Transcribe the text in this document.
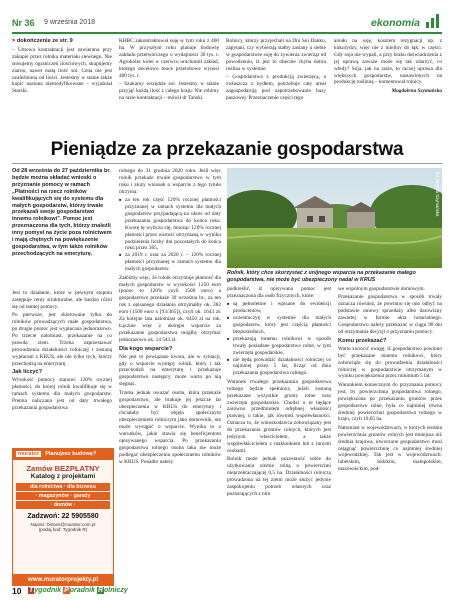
Nr 36 9 września 2018	ekonomia
> dokończenie ze str. 9

– Umowa kontraktacji jest zawierana przy zakupie przez rolnika materiału siewnego. Nie stosujemy ograniczeń ilościowych, skupujemy ziarno, nawet małą ilość soi. Cena nie jest uzależniona od ilości. Jesteśmy w stanie także kupić nasiona niemodyfikowane – wyjaśniał Starski.

KHBC zakontraktował soję w tym roku z 400 ha. W przyszłym roku planuje hodowlę zakładu przetwórczego o wydajności 30 tys. t. Agrokolec kolei w czerwcu uruchomił zakład, którego docelowo moce przerobowe wynosi 400 tys. t.

– Szukamy wszędzie soi. Jesteśmy w stanie przyjąć każdą ilość z całego kraju. Nie robimy na razie kontraktacji – mówił dr Tański.

Rolnicy, którzy przyjechali na Dni Soi Danko, zapytani, czy wybierają stałby zasiany u siebie w gospodarstwie soję do żywienia zwierząt od powodzeniu, iż jest to obecnie chyba dobra roślina w systemie.

– Gospodarstwa z produkcją zwierzęcą, a zwłaszcza z bydłem, potrzebuje cały areał zagospodarują pod zapotrzebowanie bazy paszowej. Przeznaczenie części tego

areału na soję, kosztem rezygnacji np. z kukurydzy, więc nie z mieliny do łąk, w części. Gdy soja nie wypali, a przy braku doświadczenia z jej uprawą zawsze może się tak zdarzyć, co wtedy? Soja, jak na razie, to raczej uprawa dla większych gospodarstw, nastawionych na produkcję roślinną – komentował rolnicy.

Magdalena Szymańska
Pieniądze za przekazanie gospodarstwa

Od 28 września do 27 października br. będzie można składać wnioski o przyznanie pomocy w ramach „Płatności na rzecz rolników kwalifikujących się do systemu dla małych gospodarstw, którzy trwale przekazali swoje gospodarstwo innemu rolnikowi”. Pomoc jest przeznaczona dla tych, którzy znaleźli inny pomysł na życie poza rolnictwem i mają chętnych na powiększenie gospodarstwa, w tym także rolników przechodzących na emeryturę.

Jest to działanie, które w pewnym stopniu zastępuje renty strukturalne, ale bardzo różni się od tamtej pomocy.

Po pierwsze, jest skierowane tylko do rolników prowadzących małe gospodarstwa, po drugie pomoc jest wypłacana jednorazowo. Po trzecie natomiast, przekazanie na co prawda ziem. Trzeba zaprzestawać prowadzenia działalności rolniczej i zostaną wypłacani z KRUS, ale nie tylko tych, którzy przechodzą na emeryturę.

Jak liczyć?

Wysokość pomocy stanowi 120% rocznej płatności, do której rolnik kwalifikuje się w ramach systemu dla małych gospodarstw. Premia naliczana jest od daty trwałego przekazania gospodarstwa

murator Planujesz budowę?
Zamów BEZPŁATNY
Katalog z projektami
dla rolnictwa · dla biznesu
· magazynów · garaży
· domów ·
Zadzwoń: 22 5905580
Napisz: biznes@murator.com.pl
(podaj kod: Tygodnik R)
www.muratorprojekty.pl

rolnego do 31 grudnia 2020 roku. Jeśli więc rolnik przekaże trwale gospodarstwo w tym roku i złoży wniosek o wsparcie z tego tytułu otrzyma:

■ za ten rok część 120% rocznej płatności przyznanej w ramach systemu dla małych gospodarstw przypadającą na okres od daty przekazania gospodarstwa do końca roku. Kwotę tę wylicza się, mnożąc 120% rocznej płatności przez wartość otrzymaną w wyniku podzielenia liczby dni pozostałych do końca roku przez 365,
■ za 2019 r. oraz za 2020 r. – 120% rocznej płatności przyznanej w ramach systemu dla małych gospodarstw.

Załóżmy więc, że rolnik otrzymuje płatność dla małych gospodarstw w wysokości 1250 euro (ponoc to 120% czyli 1500 euro) a gospodarstwo przekaże 30 września br., za ten rok z opisanego działania otrzymałby ok. 382 euro (1500 euro x [93/365]), czyli ok. 1643 zł. Za kolejne lata natomiast ok. 6450 zł na rok. Łącznie więc z ukśrępu wsparcia za przekazanie gospodarstwa mógłby otrzymać jednorazowo ok. 14 543 zł.

Dla kogo wsparcie?

Nie jest to powiązane kwota, ale w sytuacji, gdy o wsparcie występy rolnik, który i tak przechodził na emeryturę i przekazuje gospodarstwo następcy, może warto po nią sięgnąć.

Trzeba jednak uważać osoba, która przekaże gospodarstwo, ale brakuje jej jeszcze lat ubezpieczenia w KRUS do emerytury i chciałaby być objęta społecznym ubezpieczeniem rolniczym jako domownik, nie może wystąpić o wsparcie. Wynika to z warunków, jakie stawia się beneficjentom opisywanego wsparcia. Po przekazaniu gospodarstwa rolnego osoba taka nie może podlegać ubezpieczeniu społecznemu rolników w KRUS. Ponadto należy

fot. Renata Szymańska
Rolnik, który chce skorzystać z unijnego wsparcia na przekazanie małego gospodarstwa, nie może być ubezpieczony nadal w KRUS

podkreślić, iż opisywana pomoc jest przeznaczona dla osób fizycznych, które:

■ są pełnoletnie i wpisane do ewidencji producentów,
■ uczestniczyę w systemie dla małych gospodarstw, który jest częścią płatności bezpośrednich,
■ przekazują innemu rolnikowi w sposób trwały posiadane gospodarstwo rolne, w tym zwierzęta gospodarskie,
■ nie będą prowadzić działalności rolniczej co najmniej przez 5 lat, licząc od dnia przekazania gospodarstwa rolnego.

Warunek trwałego przekazania gospodarstwa rolnego będzie spełniony, jeżeli zostaną przekazane wszystkie grunty rolne oraz zwierzęta gospodarskie. Chodzi o te będące zarówno przedmiotem odrębnej własności prawnej, o takie, jak również współwłasności. Oznacza to, że wnioskodawca zobowiązany jest do przekazania gruntów rolnych, których jest jedynym właścicielem, a także współwłaścicielem z małżonkiem lub z innymi osobami.

Rolnik może jednak pozostawić sobie do użytkowania ziemie rolną o powierzchni nieprzekraczającej 0,5 ha. Działalności rolnicza prowadzona na tej ziemi może służyć jedynie zaspokojeniu potrzeb własnych oraz pozostających z nim

we wspólnym gospodarstwie domowym.

Przekazanie gospodarstwa w sposób trwały oznacza również, że powinno się ono odbyć na podstawie umowy sprzedaży albo darowizny zawartej w formie akta notarialnego. Gospodarstwo należy przekazać w ciągu 90 dni od otrzymania decyzji o przyznaniu pomocy.

Komu przekazać?

Warto zwrócić uwagę, iż gospodarstwo powinno być przekazane innemu rolnikowi, który zobowiąże się do prowadzenia działalności rolniczej w gospodarstwie otrzymanym w wyniku powiększenia przez minimum 5 lat.

Warunkiem koniecznym do przyznania pomocy jest, by powierzchnia gospodarstwa rolnego, powiększona po przekazaniu gruntów przez gospodarstwo rolne, była co najmniej równa średniej powierzchni gospodarstwa rolnego w kraju, czyli 10,65 ha.

Natomiast w województwach, w których średnia powierzchnia gruntów rolnych jest mniejsza niż średnia krajowa, utworzone gospodarstwo musi osiągnąć powierzchnię co najmniej średniej wojewódzkiej. Tak jest w województwach: lubelskim, łódzkim, małopolskim, mazowieckim, pod-

10 Tygodnik Poradnik Rolniczy
